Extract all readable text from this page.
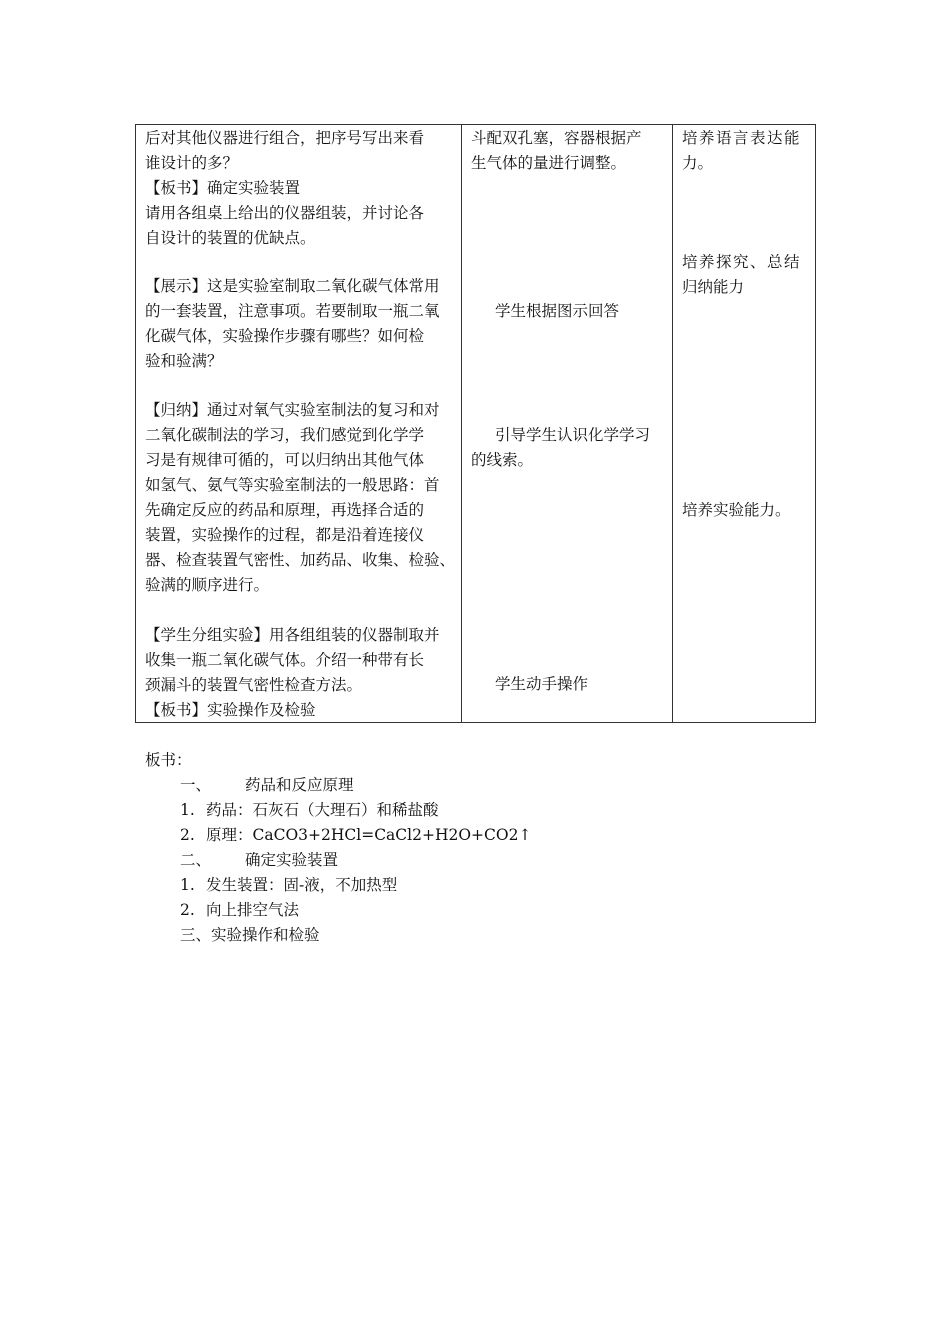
后对其他仪器进行组合，把序号写出来看
谁设计的多？
【板书】确定实验装置
请用各组桌上给出的仪器组装，并讨论各
自设计的装置的优缺点。
【展示】这是实验室制取二氧化碳气体常用
的一套装置，注意事项。若要制取一瓶二氧
化碳气体，实验操作步骤有哪些？如何检
验和验满？
【归纳】通过对氧气实验室制法的复习和对
二氧化碳制法的学习，我们感觉到化学学
习是有规律可循的，可以归纳出其他气体
如氢气、氨气等实验室制法的一般思路：首
先确定反应的药品和原理，再选择合适的
装置，实验操作的过程，都是沿着连接仪
器、检查装置气密性、加药品、收集、检验、
验满的顺序进行。
【学生分组实验】用各组组装的仪器制取并
收集一瓶二氧化碳气体。介绍一种带有长
颈漏斗的装置气密性检查方法。
【板书】实验操作及检验
斗配双孔塞，容器根据产
生气体的量进行调整。
学生根据图示回答
引导学生认识化学学习
的线索。
学生动手操作
培养语言表达能
力。
培养探究、总结
归纳能力
培养实验能力。
板书：
一、 药品和反应原理
1. 药品：石灰石（大理石）和稀盐酸
2. 原理：CaCO3+2HCl=CaCl2+H2O+CO2↑
二、 确定实验装置
1. 发生装置：固-液，不加热型
2. 向上排空气法
三、实验操作和检验
